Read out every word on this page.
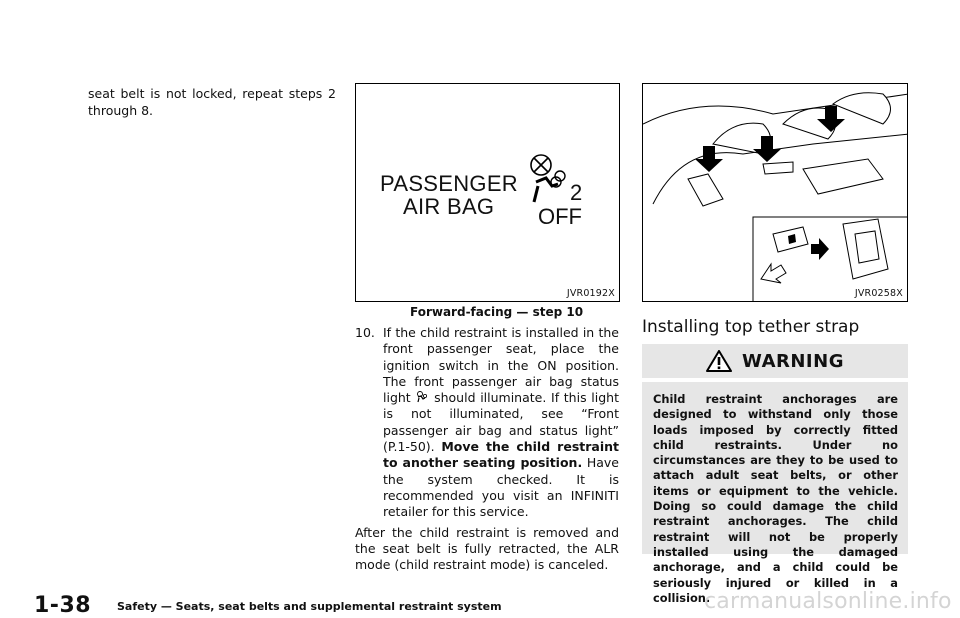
seat belt is not locked, repeat steps 2 through 8.
PASSENGER
AIR BAG
2
OFF
JVR0192X
Forward-facing — step 10
10. If the child restraint is installed in the front passenger seat, place the ignition switch in the ON position. The front passenger air bag status light should illuminate. If this light is not illuminated, see “Front passenger air bag and status light” (P.1-50). Move the child restraint to another seating position. Have the system checked. It is recommended you visit an INFINITI retailer for this service.
After the child restraint is removed and the seat belt is fully retracted, the ALR mode (child restraint mode) is canceled.
JVR0258X
Installing top tether strap
WARNING
Child restraint anchorages are designed to withstand only those loads imposed by correctly fitted child restraints. Under no circumstances are they to be used to attach adult seat belts, or other items or equipment to the vehicle. Doing so could damage the child restraint anchorages. The child restraint will not be properly installed using the damaged anchorage, and a child could be seriously injured or killed in a collision.
1-38 Safety — Seats, seat belts and supplemental restraint system	carmanualsonline.info
